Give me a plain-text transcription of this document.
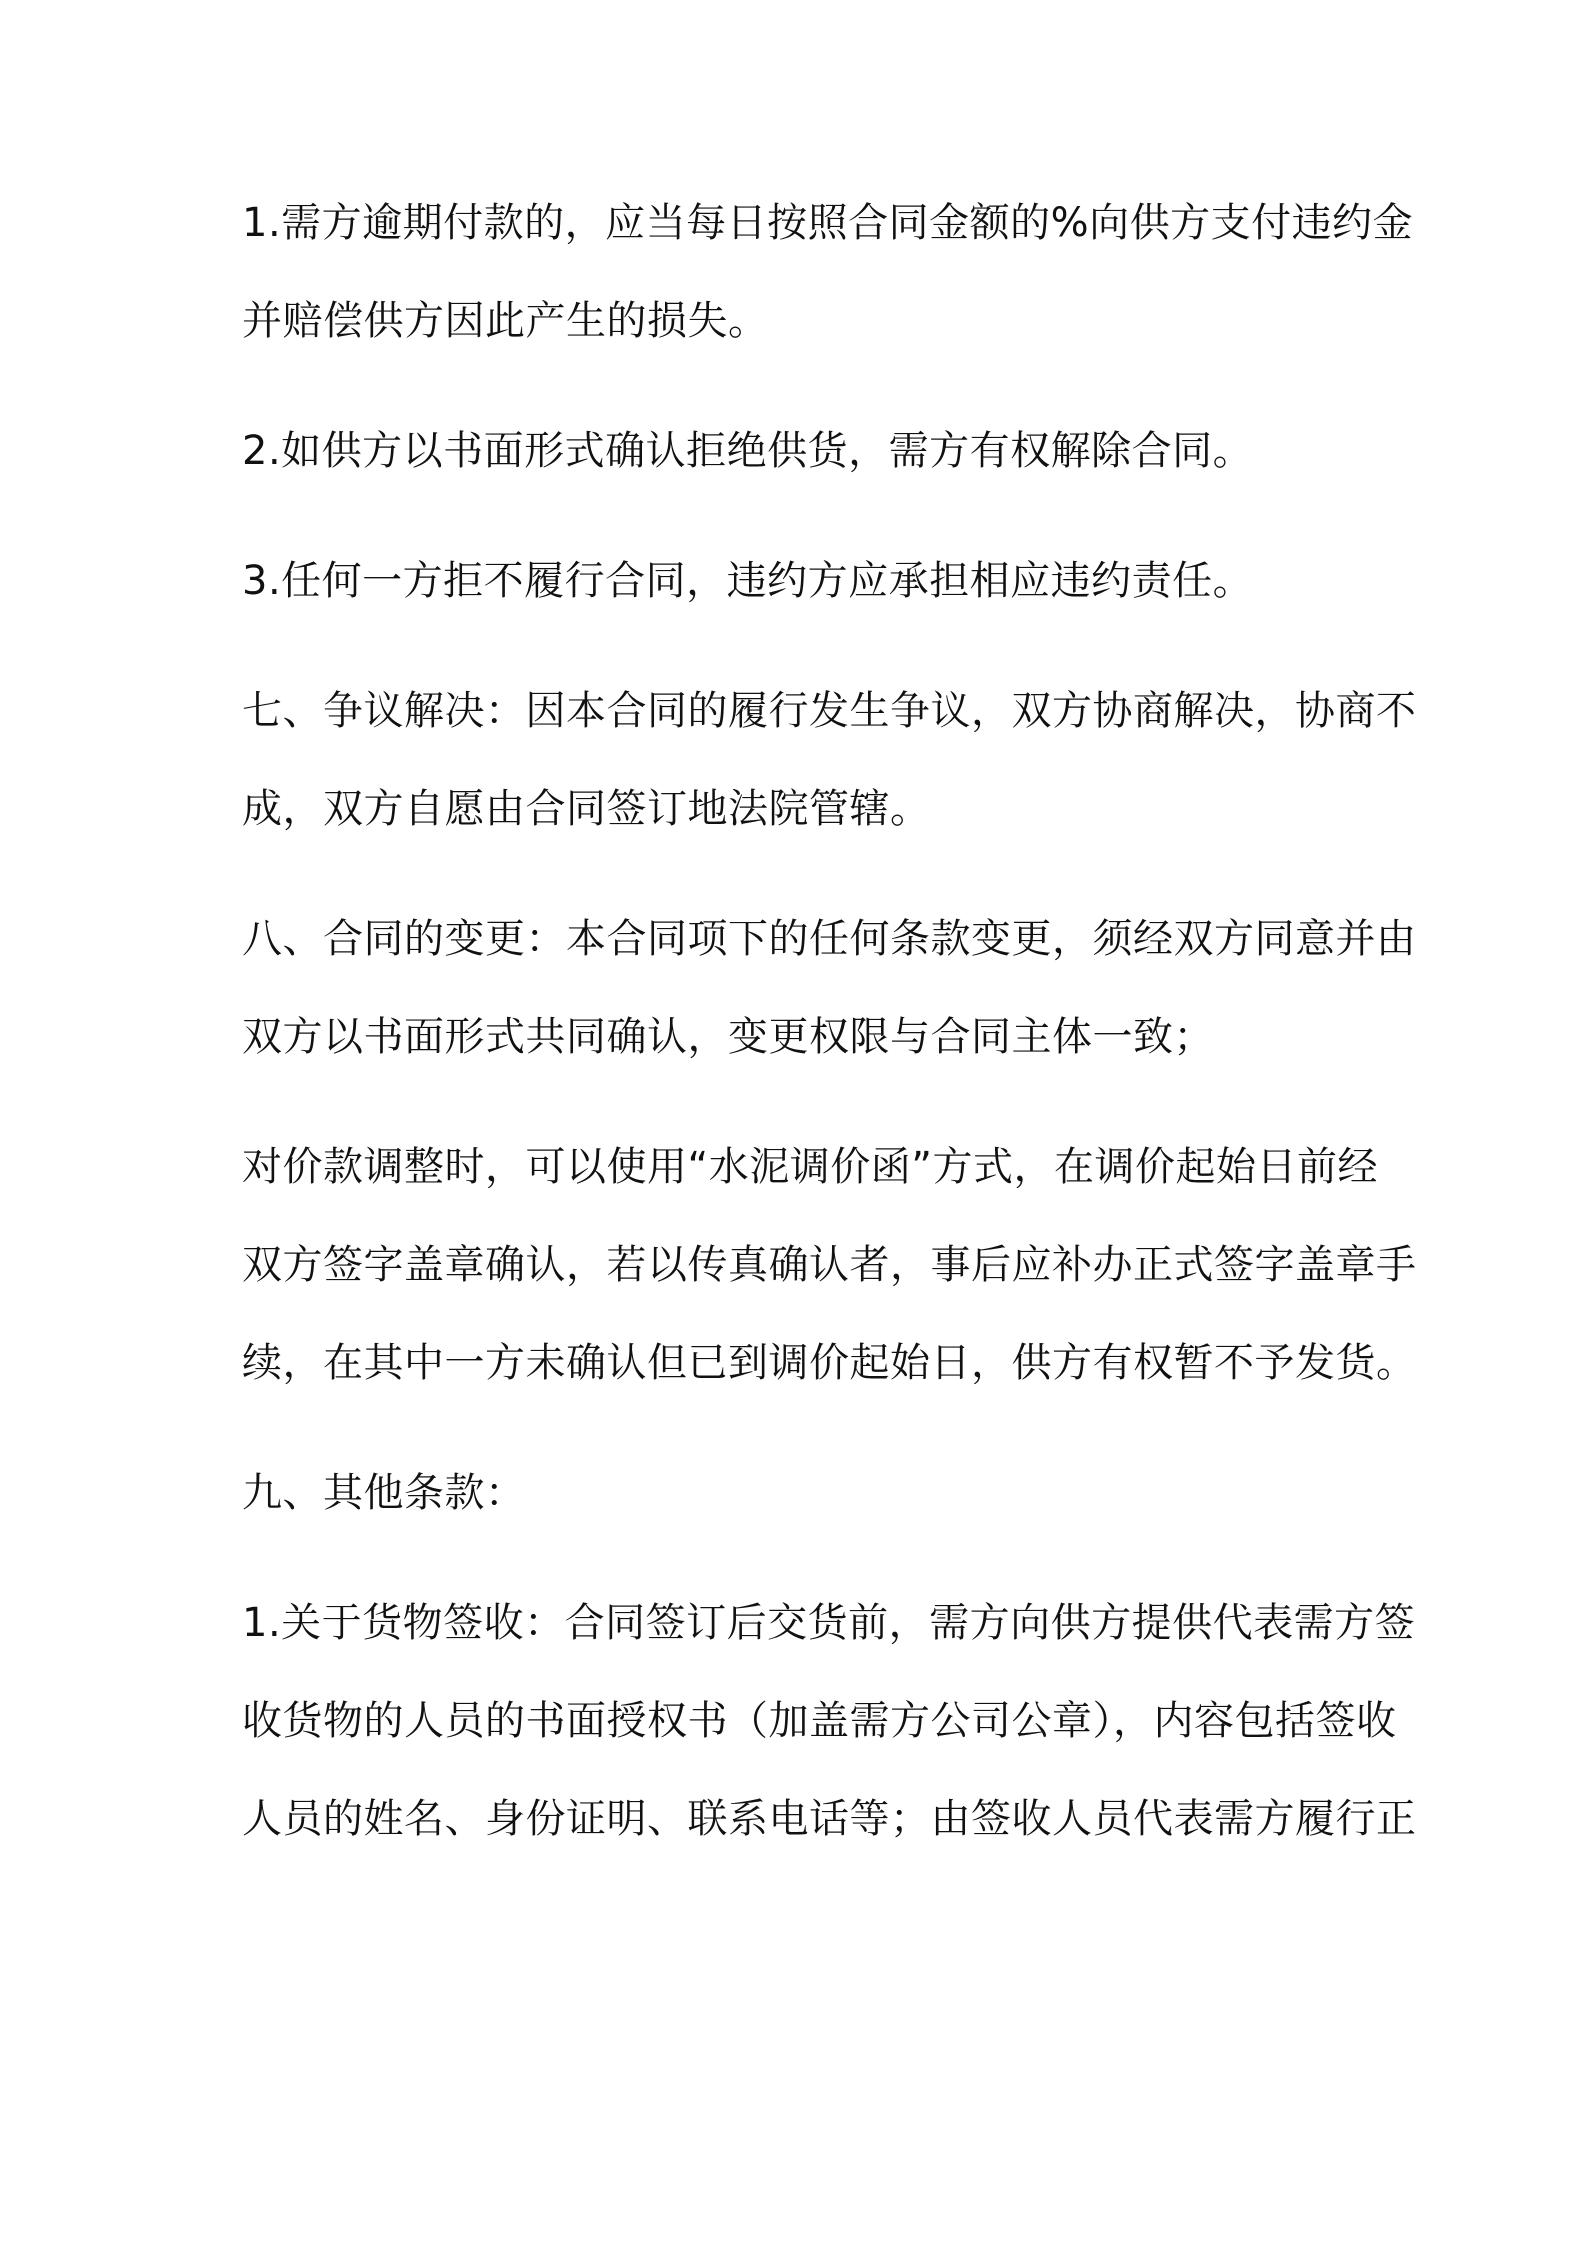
1.需方逾期付款的，应当每日按照合同金额的%向供方支付违约金
并赔偿供方因此产生的损失。
2.如供方以书面形式确认拒绝供货，需方有权解除合同。
3.任何一方拒不履行合同，违约方应承担相应违约责任。
七、争议解决：因本合同的履行发生争议，双方协商解决，协商不
成，双方自愿由合同签订地法院管辖。
八、合同的变更：本合同项下的任何条款变更，须经双方同意并由
双方以书面形式共同确认，变更权限与合同主体一致；
对价款调整时，可以使用“水泥调价函”方式，在调价起始日前经
双方签字盖章确认，若以传真确认者，事后应补办正式签字盖章手
续，在其中一方未确认但已到调价起始日，供方有权暂不予发货。
九、其他条款：
1.关于货物签收：合同签订后交货前，需方向供方提供代表需方签
收货物的人员的书面授权书（加盖需方公司公章），内容包括签收
人员的姓名、身份证明、联系电话等；由签收人员代表需方履行正
